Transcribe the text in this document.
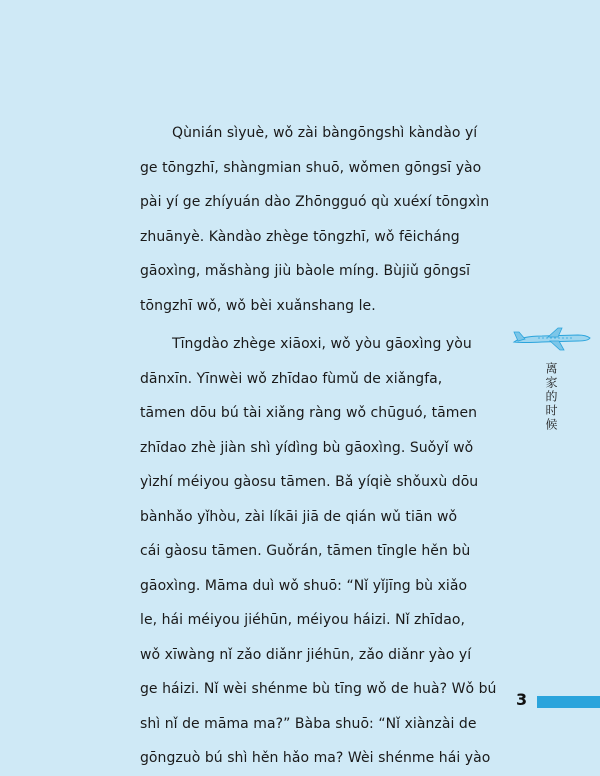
Qùnián sìyuè, wǒ zài bàngōngshì kàndào yí
ge tōngzhī, shàngmian shuō, wǒmen gōngsī yào
pài yí ge zhíyuán dào Zhōngguó qù xuéxí tōngxìn
zhuānyè. Kàndào zhège tōngzhī, wǒ fēicháng
gāoxìng, mǎshàng jiù bàole míng. Bùjiǔ gōngsī
tōngzhī wǒ, wǒ bèi xuǎnshang le.
Tīngdào zhège xiāoxi, wǒ yòu gāoxìng yòu
dānxīn. Yīnwèi wǒ zhīdao fùmǔ de xiǎngfa,
tāmen dōu bú tài xiǎng ràng wǒ chūguó, tāmen
zhīdao zhè jiàn shì yídìng bù gāoxìng. Suǒyǐ wǒ
yìzhí méiyou gàosu tāmen. Bǎ yíqiè shǒuxù dōu
bànhǎo yǐhòu, zài líkāi jiā de qián wǔ tiān wǒ
cái gàosu tāmen. Guǒrán, tāmen tīngle hěn bù
gāoxìng. Māma duì wǒ shuō: “Nǐ yǐjīng bù xiǎo
le, hái méiyou jiéhūn, méiyou háizi. Nǐ zhīdao,
wǒ xīwàng nǐ zǎo diǎnr jiéhūn, zǎo diǎnr yào yí
ge háizi. Nǐ wèi shénme bù tīng wǒ de huà? Wǒ bú
shì nǐ de māma ma?” Bàba shuō: “Nǐ xiànzài de
gōngzuò bú shì hěn hǎo ma? Wèi shénme hái yào
离家的时候
3
